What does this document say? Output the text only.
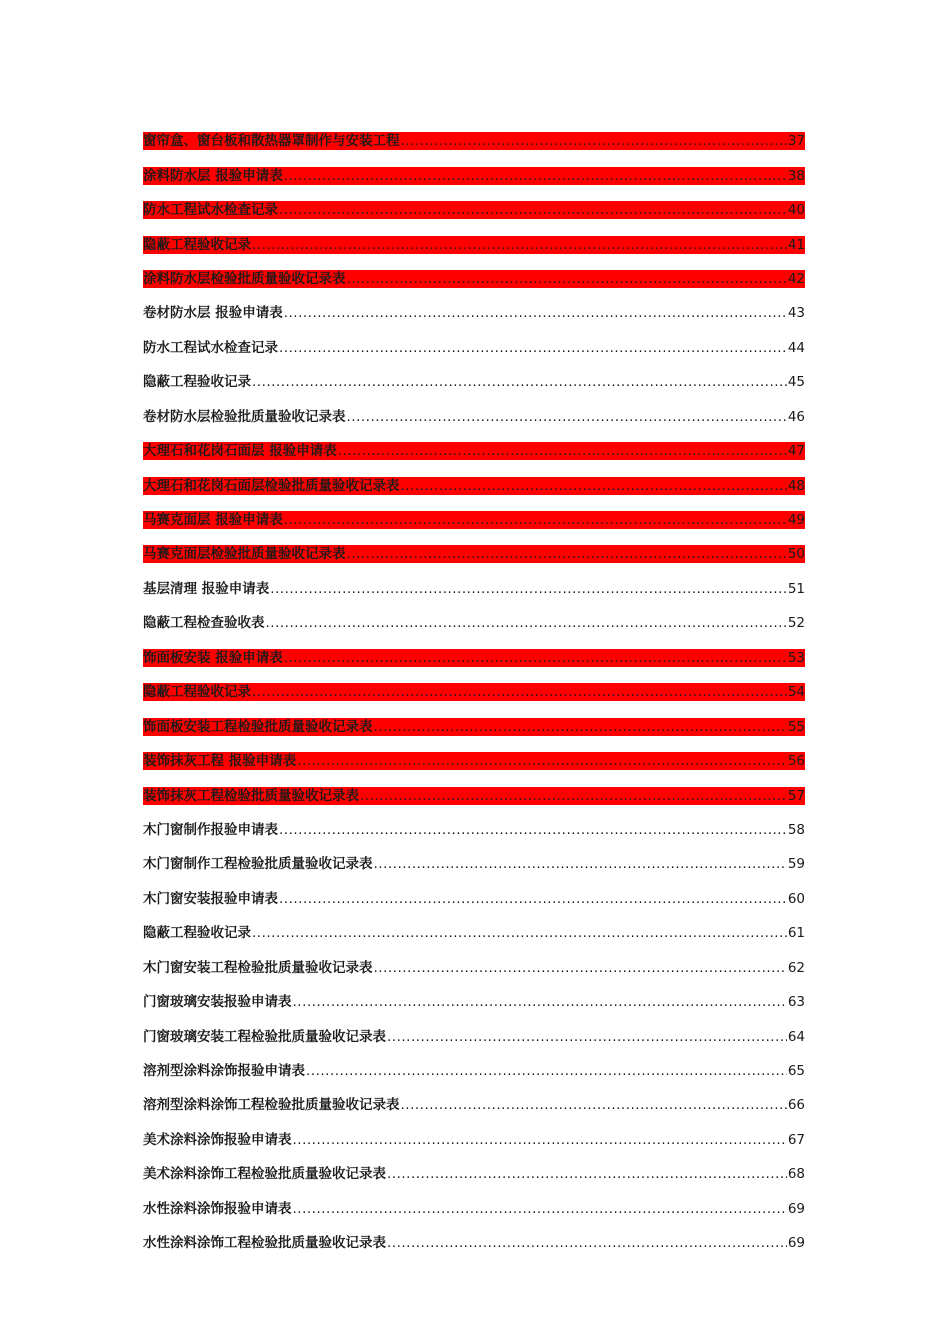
窗帘盒、窗台板和散热器罩制作与安装工程 .....	37
涂料防水层 报验申请表 .....	38
防水工程试水检查记录 .....	40
隐蔽工程验收记录 .....	41
涂料防水层检验批质量验收记录表 .....	42
卷材防水层 报验申请表 .....	43
防水工程试水检查记录 .....	44
隐蔽工程验收记录 .....	45
卷材防水层检验批质量验收记录表 .....	46
大理石和花岗石面层 报验申请表 .....	47
大理石和花岗石面层检验批质量验收记录表 .....	48
马赛克面层 报验申请表 .....	49
马赛克面层检验批质量验收记录表 .....	50
基层清理 报验申请表 .....	51
隐蔽工程检查验收表 .....	52
饰面板安装 报验申请表 .....	53
隐蔽工程验收记录 .....	54
饰面板安装工程检验批质量验收记录表 .....	55
装饰抹灰工程 报验申请表 .....	56
装饰抹灰工程检验批质量验收记录表 .....	57
木门窗制作报验申请表 .....	58
木门窗制作工程检验批质量验收记录表 .....	59
木门窗安装报验申请表 .....	60
隐蔽工程验收记录 .....	61
木门窗安装工程检验批质量验收记录表 .....	62
门窗玻璃安装报验申请表 .....	63
门窗玻璃安装工程检验批质量验收记录表 .....	64
溶剂型涂料涂饰报验申请表 .....	65
溶剂型涂料涂饰工程检验批质量验收记录表 .....	66
美术涂料涂饰报验申请表 .....	67
美术涂料涂饰工程检验批质量验收记录表 .....	68
水性涂料涂饰报验申请表 .....	69
水性涂料涂饰工程检验批质量验收记录表 .....	69
